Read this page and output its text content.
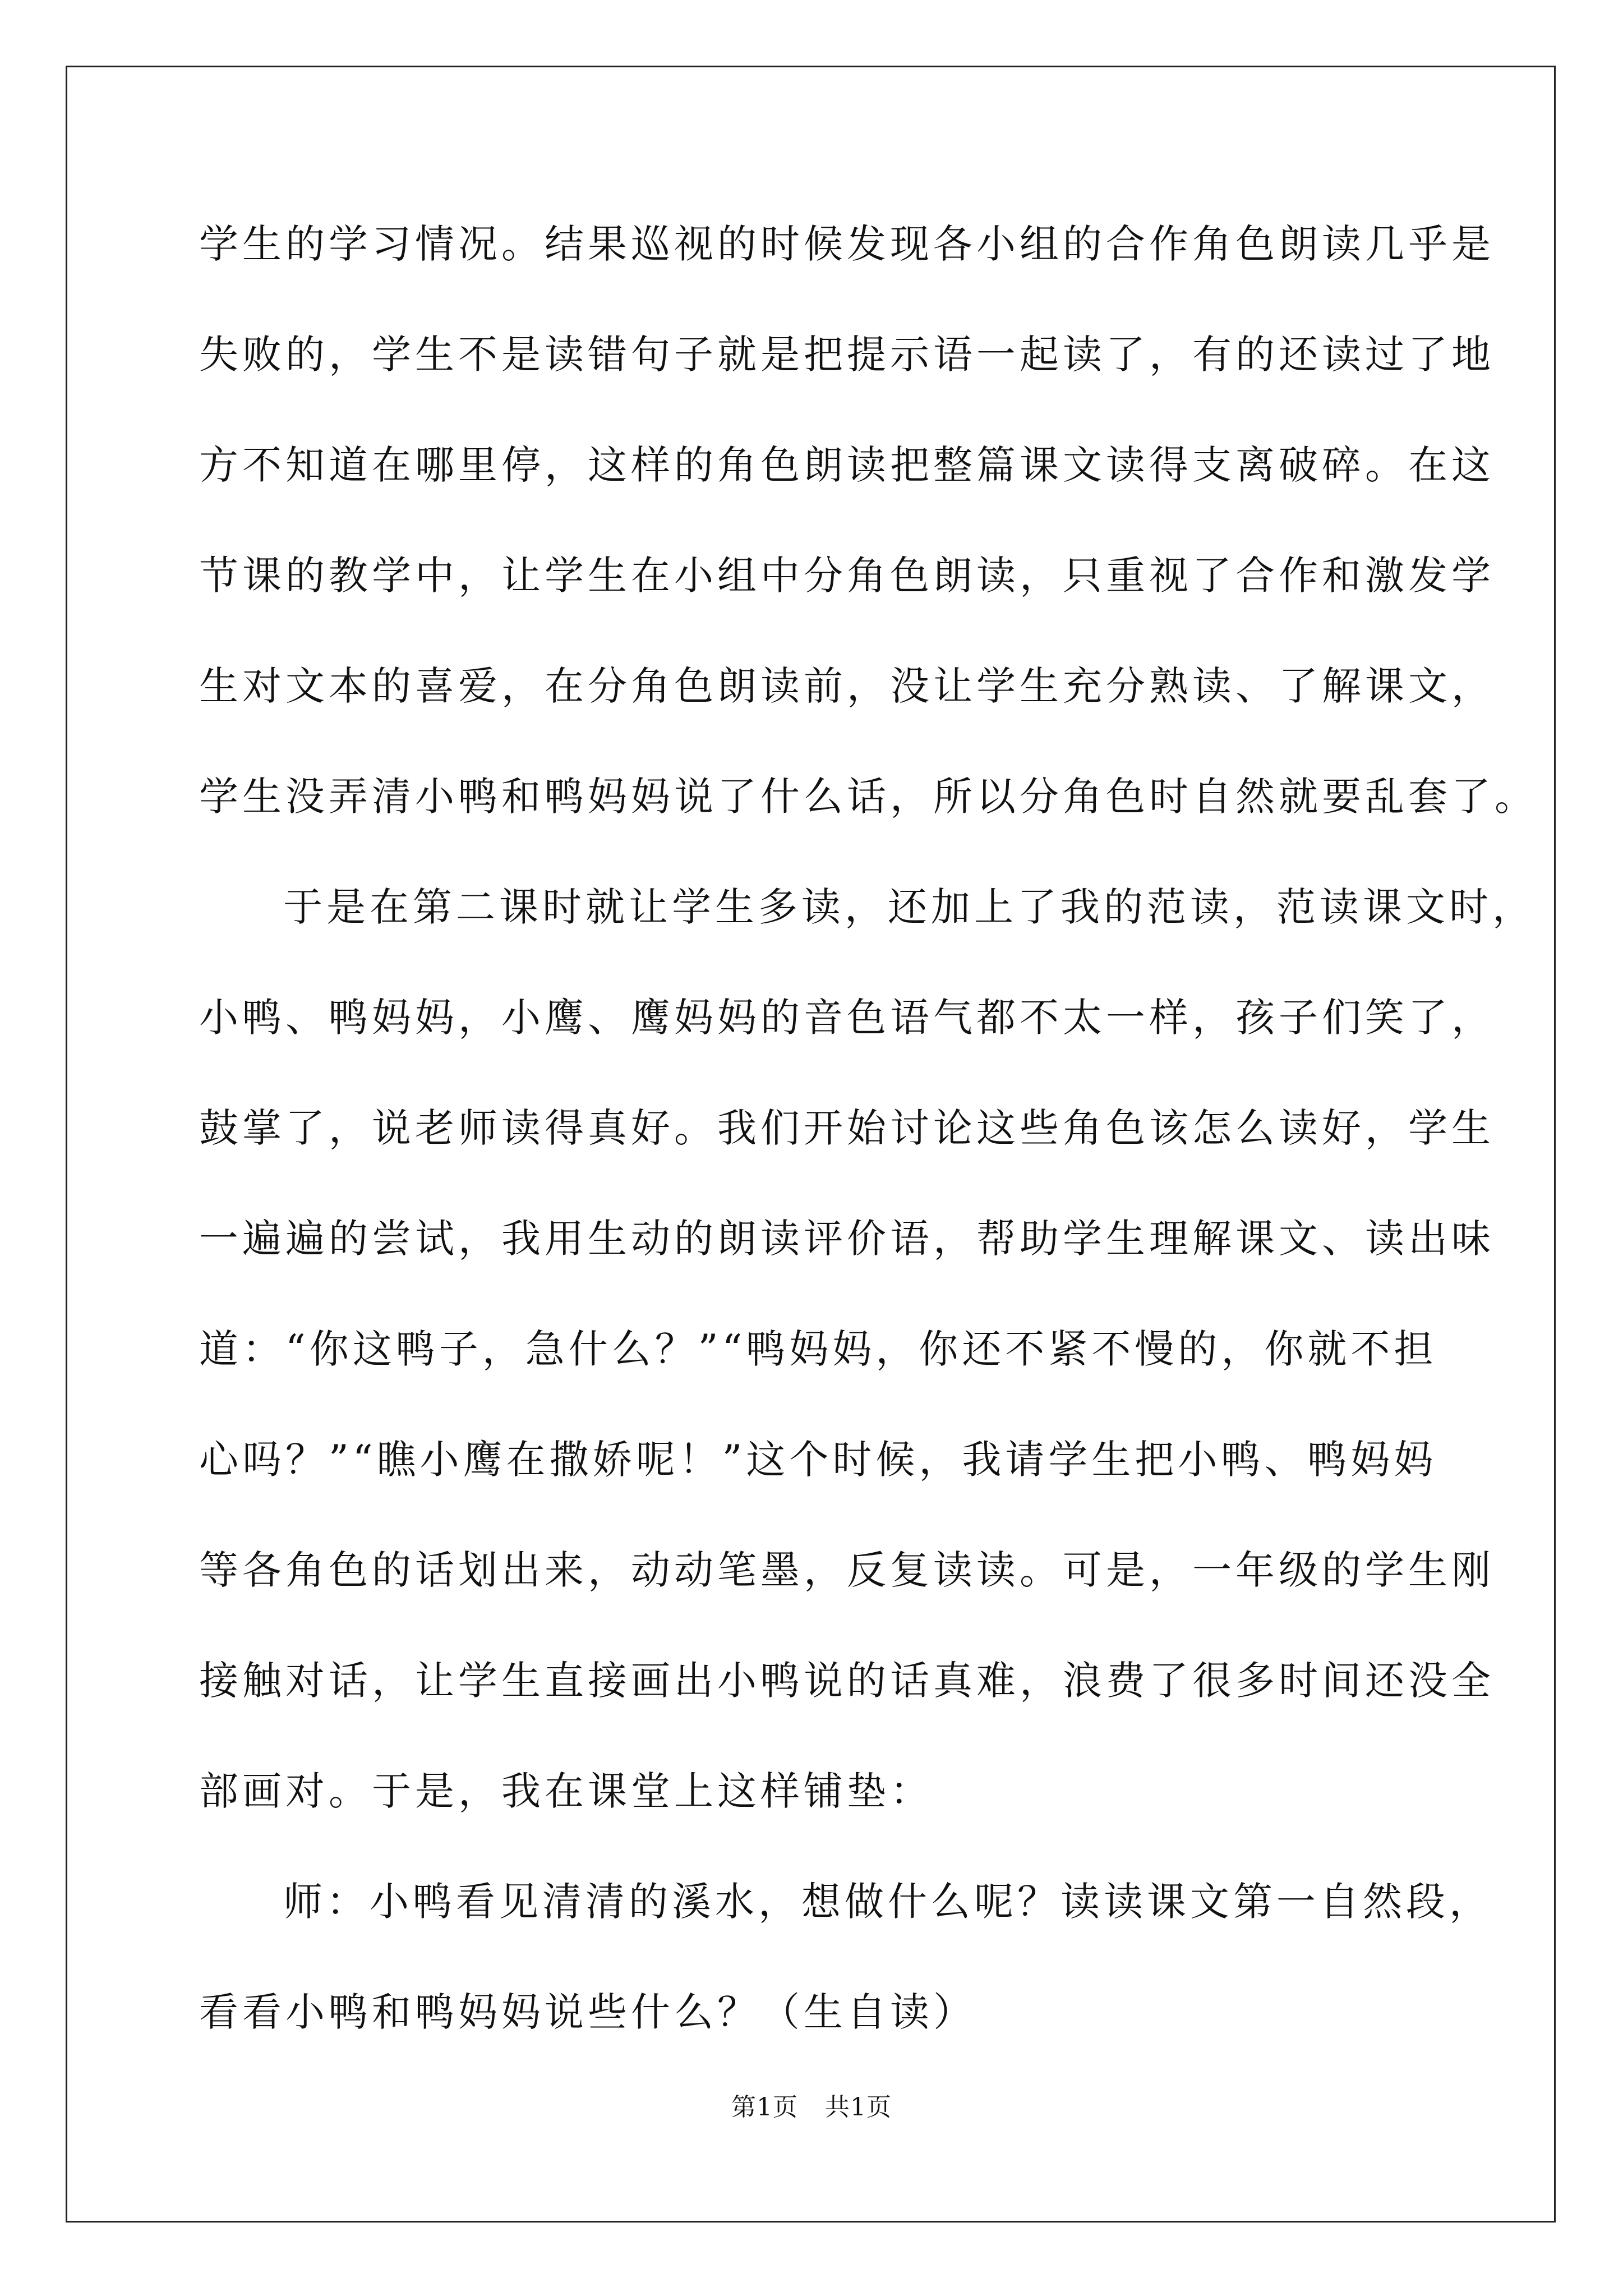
学生的学习情况。结果巡视的时候发现各小组的合作角色朗读几乎是
失败的，学生不是读错句子就是把提示语一起读了，有的还读过了地
方不知道在哪里停，这样的角色朗读把整篇课文读得支离破碎。在这
节课的教学中，让学生在小组中分角色朗读，只重视了合作和激发学
生对文本的喜爱，在分角色朗读前，没让学生充分熟读、了解课文，
学生没弄清小鸭和鸭妈妈说了什么话，所以分角色时自然就要乱套了。
于是在第二课时就让学生多读，还加上了我的范读，范读课文时，
小鸭、鸭妈妈，小鹰、鹰妈妈的音色语气都不太一样，孩子们笑了，
鼓掌了，说老师读得真好。我们开始讨论这些角色该怎么读好，学生
一遍遍的尝试，我用生动的朗读评价语，帮助学生理解课文、读出味
道：“你这鸭子，急什么？”“鸭妈妈，你还不紧不慢的，你就不担
心吗？”“瞧小鹰在撒娇呢！”这个时候，我请学生把小鸭、鸭妈妈
等各角色的话划出来，动动笔墨，反复读读。可是，一年级的学生刚
接触对话，让学生直接画出小鸭说的话真难，浪费了很多时间还没全
部画对。于是，我在课堂上这样铺垫：
师：小鸭看见清清的溪水，想做什么呢？读读课文第一自然段，
看看小鸭和鸭妈妈说些什么？（生自读）
第1页 共1页
